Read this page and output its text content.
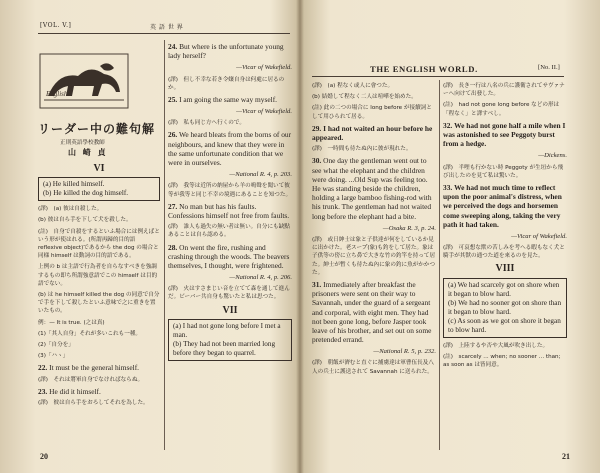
[VOL. V.]	英 語 世 界
English
リーダー中の難句解
正則英語學校教師
山 崎 貞
VI
(a) He killed himself.
(b) He killed the dog himself.

(譯)　(a) 彼は自殺した。

(b) 彼は自ら手を下して犬を殺した。

(註)　自身で自殺をするといふ場合には例えばという形が使はれる。(所謂再歸的目的語 reflexive object)であるから the dog の場合と同様 himself は動詞の目的語である。

上例の b は主語で行為者を自らなすべきを強調するもの即ち所謂強意語でこの himself は目的語でない。

(b) は he himself killed the dog の同意で自分で手を下して殺したといふ意味で之に重きを置いたもの。

例：— It is true. (之は真)

(1)「其人自身」それが多いこれも一種。

(2)「自分を」

(3)「ハヽ」

22. It must be the general himself.

(譯)　それは將軍自身でなければならぬ。

23. He did it himself.

(譯)　彼は自ら手をおろしてそれを為した。

24. But where is the unfortunate young lady herself?

—Vicar of Wakefield.

(譯)　但し不幸な若き令嬢自身は何處に居るのか。

25. I am going the same way myself.

—Vicar of Wakefield.

(譯)　私も同じ方へ行くので。

26. We heard bleats from the borns of our neighbours, and knew that they were in the same unfortunate condition that we were in ourselves.

—National R. 4, p. 203.

(譯)　我等は近所の納屋から羊の鳴聲を聞いて彼等が我等と同じ不幸の境遇にあることを知つた。

27. No man but has his faults. Confessions himself not free from faults.

(譯)　誰人も過失の無い者は無い。自分にも缺點あることは自ら認める。

28. On went the fire, rushing and crashing through the woods. The beavers themselves, I thought, were frightened.

—National R. 4, p. 206.

(譯)　火はすさまじい音を立てて森を通して進んだ。ビーバー共自身も驚いたと私は思つた。

VII
(a) I had not gone long before I met a man.
(b) They had not been married long before they began to quarrel.
20
THE ENGLISH WORLD.	[No. II.]

(譯)　(a) 程なく或人に會つた。

(b) 結婚して程なく二人は喧嘩を始めた。

(註) 此の二つの場合に long before が接續詞として用ひられて居る。

29. I had not waited an hour before he appeared.

(譯)　一時間も待たぬ內に彼が現れた。

30. One day the gentleman went out to see what the elephant and the children were doing. ...Old Sup was feeling too. He was standing beside the children, holding a large bamboo fishing-rod with his trunk. The gentleman had not waited long before the elephant had a bite.

—Osaka R. 3, p. 24.

(譯)　或日紳士は象と子供達が何をしているか見に出かけた。老スープ(象)も釣をして居た。象は子供等の傍に立ち鼻で大きな竹の釣竿を持って居た。紳士が暫くも待たぬ內に象の釣に魚がかかつた。

31. Immediately after breakfast the prisoners were sent on their way to Savannah, under the guard of a sergeant and corporal, with eight men. They had not been gone long, before Jasper took leave of his brother, and set out on some pretended errand.

—National R. 5, p. 232.

(譯)　朝飯が濟むと直ぐに捕虜達は軍曹伍長及八人の兵士に護送されて Savannah に送られた。

(譯)　長き一行は八名の兵に護衛されてサヴァナーへ向けて出發した。

(註)　had not gone long before などの形は「程なく」と譯すべし。

32. We had not gone half a mile when I was astonished to see Peggoty burst from a hedge.

—Dickens.

(譯)　半哩も行かない時 Peggoty が生垣から飛び出したのを見て私は驚いた。

33. We had not much time to reflect upon the poor animal's distress, when we perceived the dogs and horsemen come sweeping along, taking the very path it had taken.

—Vicar of Wakefield.

(譯)　可哀想な獣の苦しみを考へる暇もなく犬と騎手が其獣の通つた道を來るのを見た。

VIII
(a) We had scarcely got on shore when it began to blow hard.
(b) We had no sooner got on shore than it began to blow hard.
(c) As soon as we got on shore it began to blow hard.

(譯)　上陸するや否や大風が吹き出した。

(註)　scarcely ... when; no sooner ... than; as soon as は皆同意。

21
